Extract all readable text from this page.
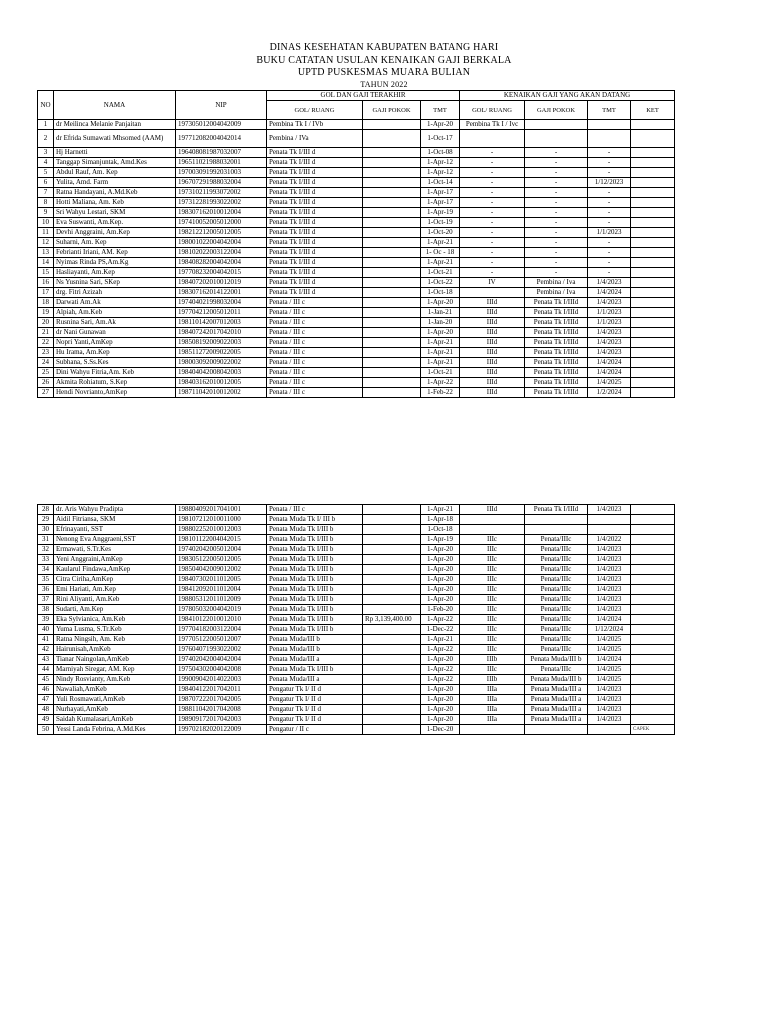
DINAS KESEHATAN KABUPATEN BATANG HARI
BUKU CATATAN USULAN KENAIKAN GAJI BERKALA
UPTD PUSKESMAS MUARA BULIAN
TAHUN 2022
NO	NAMA	NIP	GOL DAN GAJI TERAKHIR			KENAIKAN GAJI YANG AKAN DATANG			
			GOL/ RUANG	GAJI POKOK	TMT	GOL/ RUANG	GAJI POKOK	TMT	KET
1	dr Meilinca Melanie Panjaitan	197305012004042009	Pembina Tk I / IVb		1-Apr-20	Pembina Tk I / Ivc			
2	dr Efrida Sumawati Mhsomed (AAM)	197712082004042014	Pembina / IVa		1-Oct-17				
3	Hj Harnetti	196408081987032007	Penata Tk I/III d		1-Oct-08	-	-	-	
4	Tanggap Simanjuntak, Amd.Kes	196511021988032001	Penata Tk I/III d		1-Apr-12	-	-	-	
5	Abdul Rauf, Am. Kep	197003091992031003	Penata Tk I/III d		1-Apr-12	-	-	-	
6	Yulita, Amd. Farm	196707291988032004	Penata Tk I/III d		1-Oct-14	-	-	1/12/2023	
7	Ratna Handayani, A.Md.Keb	197310211993072002	Penata Tk I/III d		1-Apr-17	-	-	-	
8	Hotti Maliana, Am. Keb	197312281993022002	Penata Tk I/III d		1-Apr-17	-	-	-	
9	Sri Wahyu Lestari, SKM	198307162010012004	Penata Tk I/III d		1-Apr-19	-	-	-	
10	Eva Suswanti, Am.Kep.	197410052005012000	Penata Tk I/III d		1-Oct-19	-	-	-	
11	Devhi Anggraini, Am.Kep	198212212005012005	Penata Tk I/III d		1-Oct-20	-	-	1/1/2023	
12	Suharni, Am. Kep	198001022004042004	Penata Tk I/III d		1-Apr-21	-	-	-	
13	Febrianti Iriani, AM. Kep	198102022003122004	Penata Tk I/III d		1- Oc - 18	-	-	-	
14	Nyimas Rinda PS,Am.Kg	198408282004042004	Penata Tk I/III d		1-Apr-21	-	-	-	
15	Hasliayanti, Am.Kep	197708232004042015	Penata Tk I/III d		1-Oct-21	-	-	-	
16	Ns Yusnina Sari, SKep	198407202010012019	Penata Tk I/III d		1-Oct-22	IV	Pembina / Iva	1/4/2023	
17	drg. Fitri Azizah	198307162014122001	Penata Tk I/III d		1-Oct-18		Pembina / Iva	1/4/2024	
18	Darwati Am.Ak	197404021998032004	Penata / III c		1-Apr-20	IIId	Penata Tk I/IIId	1/4/2023	
19	Alpiah, Am.Keb	197704212005012011	Penata / III c		1-Jan-21	IIId	Penata Tk I/IIId	1/1/2023	
20	Rusnina Sari, Am.Ak	198110142007012003	Penata / III c		1-Jan-20	IIId	Penata Tk I/IIId	1/1/2023	
21	dr Nani Gunawan	198407242017042010	Penata / III c		1-Apr-20	IIId	Penata Tk I/IIId	1/4/2023	
22	Nopri Yanti,AmKep	198508192009022003	Penata / III c		1-Apr-21	IIId	Penata Tk I/IIId	1/4/2023	
23	Hu Irama, Am.Kep	198511272009022005	Penata / III c		1-Apr-21	IIId	Penata Tk I/IIId	1/4/2023	
24	Subhana, S.Ss.Kes	198003092009022002	Penata / III c		1-Apr-21	IIId	Penata Tk I/IIId	1/4/2024	
25	Dini Wahyu Fitria,Am. Keb	198404042008042003	Penata / III c		1-Oct-21	IIId	Penata Tk I/IIId	1/4/2024	
26	Akmita Rohiatum, S.Kep	198403162010012005	Penata / III c		1-Apr-22	IIId	Penata Tk I/IIId	1/4/2025	
27	Hendi Novrianto,AmKep	198711042010012002	Penata / III c		1-Feb-22	IIId	Penata Tk I/IIId	1/2/2024	
28	dr. Aris Wahyu Pradipta	198804092017041001	Penata / III c		1-Apr-21	IIId	Penata Tk I/IIId	1/4/2023	
29	Aidil Fitriansa, SKM	198107212010011000	Penata Muda Tk I/ III b		1-Apr-18				
30	Efrinayanti, SST	198802252010012003	Penata Muda Tk I/III b		1-Oct-18				
31	Nenong Eva Anggraeni,SST	198101122004042015	Penata Muda Tk I/III b		1-Apr-19	IIIc	Penata/IIIc	1/4/2022	
32	Ermawati, S.Tr.Kes	197402042005012004	Penata Muda Tk I/III b		1-Apr-20	IIIc	Penata/IIIc	1/4/2023	
33	Yeni Anggraini,AmKep	198305122005012005	Penata Muda Tk I/III b		1-Apr-20	IIIc	Penata/IIIc	1/4/2023	
34	Kaularul Findawa,AmKep	198504042009012002	Penata Muda Tk I/III b		1-Apr-20	IIIc	Penata/IIIc	1/4/2023	
35	Citra Ciriha,AmKep	198407302011012005	Penata Muda Tk I/III b		1-Apr-20	IIIc	Penata/IIIc	1/4/2023	
36	Emi Hariati, Am.Kep	198412092011012004	Penata Muda Tk I/III b		1-Apr-20	IIIc	Penata/IIIc	1/4/2023	
37	Rini Aliyanti, Am.Keb	198805312011012009	Penata Muda Tk I/III b		1-Apr-20	IIIc	Penata/IIIc	1/4/2023	
38	Sudarti, Am.Kep	197805032004042019	Penata Muda Tk I/III b		1-Feb-20	IIIc	Penata/IIIc	1/4/2023	
39	Eka Sylvianica, Am.Keb	198410122010012010	Penata Muda Tk I/III b	Rp 3,139,400.00	1-Apr-22	IIIc	Penata/IIIc	1/4/2024	
40	Yuma Lusma, S.Tr.Keb	197704182003122004	Penata Muda Tk I/III b		1-Dec-22	IIIc	Penata/IIIc	1/12/2024	
41	Ratna Ningsih, Am. Keb	197705122005012007	Penata Muda/III b		1-Apr-21	IIIc	Penata/IIIc	1/4/2025	
42	Hairunisah,AmKeb	197604071993022002	Penata Muda/III b		1-Apr-22	IIIc	Penata/IIIc	1/4/2025	
43	Tianar Naingolan,AmKeb	197402042004042004	Penata Muda/III a		1-Apr-20	IIIb	Penata Muda/III b	1/4/2024	
44	Marniyah Siregar, AM. Kep	197504302004042008	Penata Muda Tk I/III b		1-Apr-22	IIIc	Penata/IIIc	1/4/2025	
45	Nindy Rosvianty, Am.Keb	199009042014022003	Penata Muda/III a		1-Apr-22	IIIb	Penata Muda/III b	1/4/2025	
46	Nawaliah,AmKeb	198404122017042011	Pengatur Tk I/ II d		1-Apr-20	IIIa	Penata Muda/III a	1/4/2023	
47	Yuli Rosmawati,AmKeb	198707222017042005	Pengatur Tk I/ II d		1-Apr-20	IIIa	Penata Muda/III a	1/4/2023	
48	Nurhayati,AmKeb	198811042017042008	Pengatur Tk I/ II d		1-Apr-20	IIIa	Penata Muda/III a	1/4/2023	
49	Saidah Kumalasari,AmKeb	198909172017042003	Pengatur Tk I/ II d		1-Apr-20	IIIa	Penata Muda/III a	1/4/2023	
50	Yessi Landa Febrina, A.Md.Kes	199702182020122009	Pengatur / II c		1-Dec-20				CAPEK
